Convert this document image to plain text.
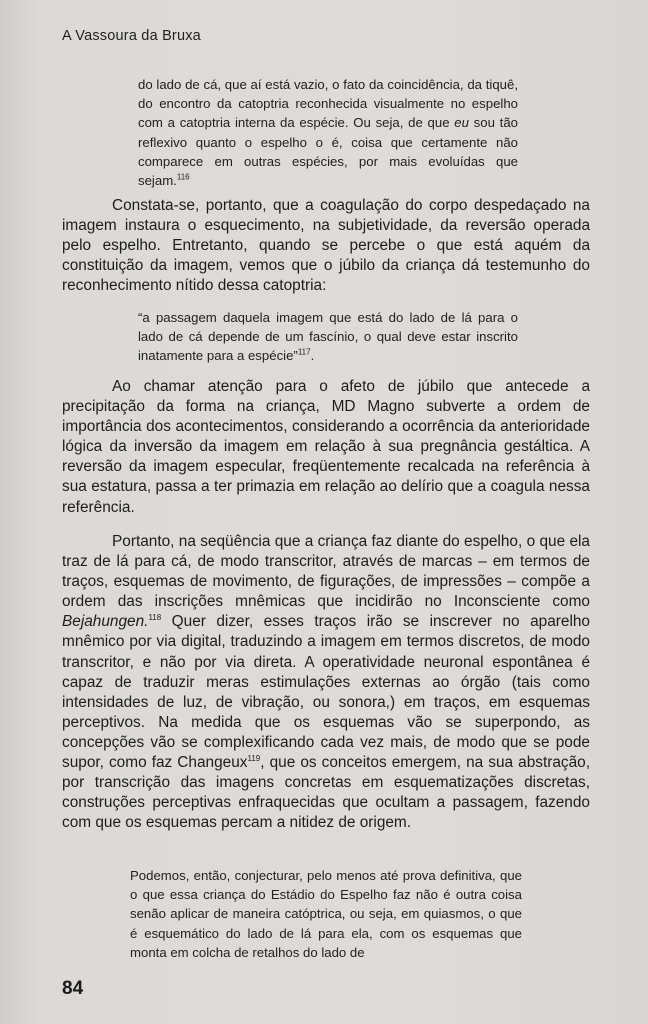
A Vassoura da Bruxa
do lado de cá, que aí está vazio, o fato da coincidência, da tiquê, do encontro da catoptria reconhecida visualmente no espelho com a catoptria interna da espécie. Ou seja, de que eu sou tão reflexivo quanto o espelho o é, coisa que certamente não comparece em outras espécies, por mais evoluídas que sejam.$^{116}$
Constata-se, portanto, que a coagulação do corpo despedaçado na imagem instaura o esquecimento, na subjetividade, da reversão operada pelo espelho. Entretanto, quando se percebe o que está aquém da constituição da imagem, vemos que o júbilo da criança dá testemunho do reconhecimento nítido dessa catoptria:
“a passagem daquela imagem que está do lado de lá para o lado de cá depende de um fascínio, o qual deve estar inscrito inatamente para a espécie”$^{117}$.
Ao chamar atenção para o afeto de júbilo que antecede a precipitação da forma na criança, MD Magno subverte a ordem de importância dos acontecimentos, considerando a ocorrência da anterioridade lógica da inversão da imagem em relação à sua pregnância gestáltica. A reversão da imagem especular, freqüentemente recalcada na referência à sua estatura, passa a ter primazia em relação ao delírio que a coagula nessa referência.
Portanto, na seqüência que a criança faz diante do espelho, o que ela traz de lá para cá, de modo transcritor, através de marcas – em termos de traços, esquemas de movimento, de figurações, de impressões – compõe a ordem das inscrições mnêmicas que incidirão no Inconsciente como Bejahungen.$^{118}$ Quer dizer, esses traços irão se inscrever no aparelho mnêmico por via digital, traduzindo a imagem em termos discretos, de modo transcritor, e não por via direta. A operatividade neuronal espontânea é capaz de traduzir meras estimulações externas ao órgão (tais como intensidades de luz, de vibração, ou sonora,) em traços, em esquemas perceptivos. Na medida que os esquemas vão se superpondo, as concepções vão se complexificando cada vez mais, de modo que se pode supor, como faz Changeux$^{119}$, que os conceitos emergem, na sua abstração, por transcrição das imagens concretas em esquematizações discretas, construções perceptivas enfraquecidas que ocultam a passagem, fazendo com que os esquemas percam a nitidez de origem.
Podemos, então, conjecturar, pelo menos até prova definitiva, que o que essa criança do Estádio do Espelho faz não é outra coisa senão aplicar de maneira catóptrica, ou seja, em quiasmos, o que é esquemático do lado de lá para ela, com os esquemas que monta em colcha de retalhos do lado de
84
